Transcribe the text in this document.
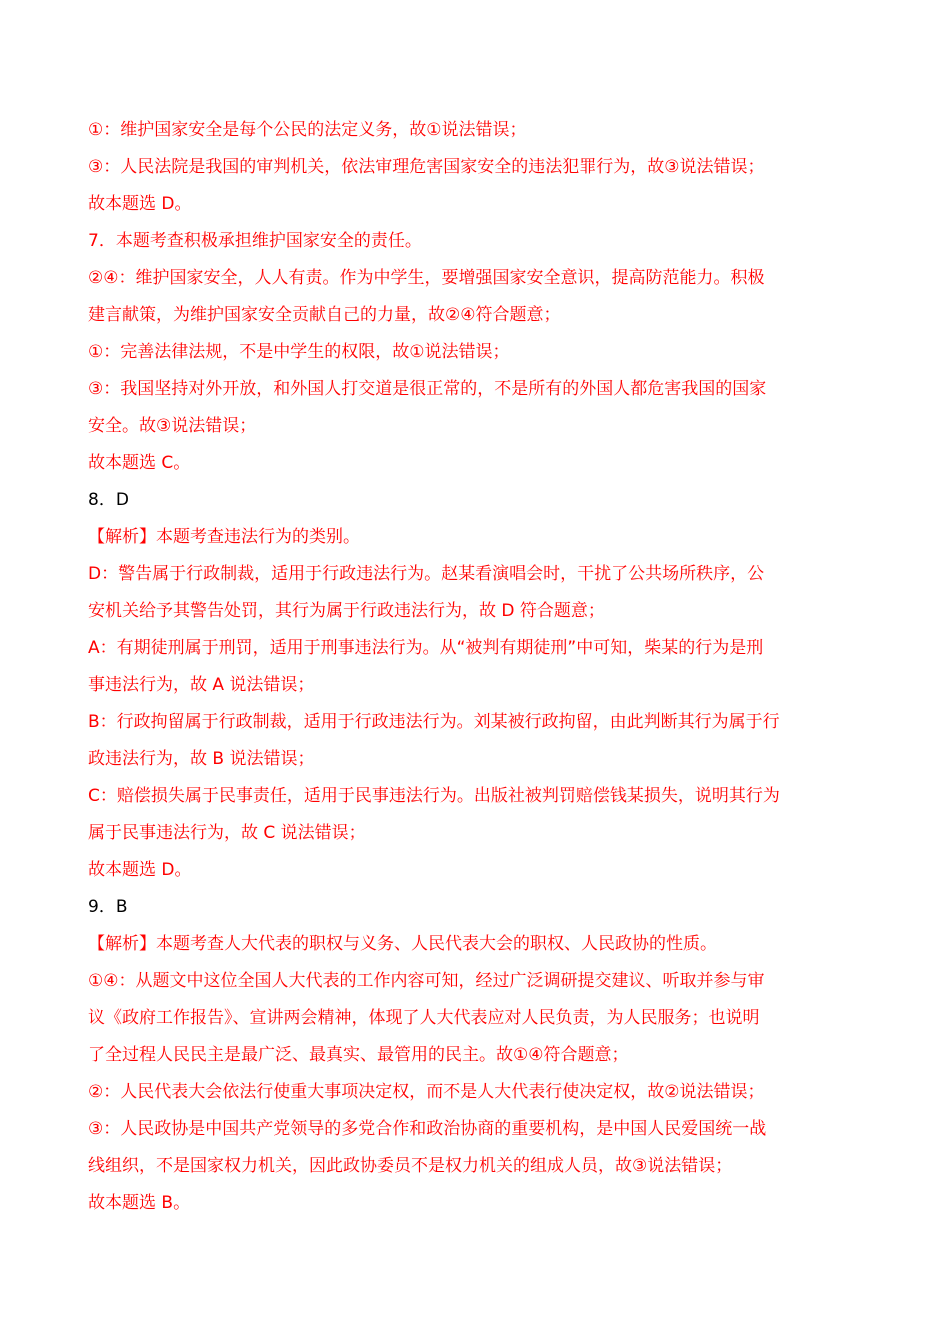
①：维护国家安全是每个公民的法定义务，故①说法错误；
③：人民法院是我国的审判机关，依法审理危害国家安全的违法犯罪行为，故③说法错误；
故本题选 D。
7．本题考查积极承担维护国家安全的责任。
②④：维护国家安全，人人有责。作为中学生，要增强国家安全意识，提高防范能力。积极
建言献策，为维护国家安全贡献自己的力量，故②④符合题意；
①：完善法律法规，不是中学生的权限，故①说法错误；
③：我国坚持对外开放，和外国人打交道是很正常的，不是所有的外国人都危害我国的国家
安全。故③说法错误；
故本题选 C。
8．D
【解析】本题考查违法行为的类别。
D：警告属于行政制裁，适用于行政违法行为。赵某看演唱会时，干扰了公共场所秩序，公
安机关给予其警告处罚，其行为属于行政违法行为，故 D 符合题意；
A：有期徒刑属于刑罚，适用于刑事违法行为。从“被判有期徒刑”中可知，柴某的行为是刑
事违法行为，故 A 说法错误；
B：行政拘留属于行政制裁，适用于行政违法行为。刘某被行政拘留，由此判断其行为属于行
政违法行为，故 B 说法错误；
C：赔偿损失属于民事责任，适用于民事违法行为。出版社被判罚赔偿钱某损失，说明其行为
属于民事违法行为，故 C 说法错误；
故本题选 D。
9．B
【解析】本题考查人大代表的职权与义务、人民代表大会的职权、人民政协的性质。
①④：从题文中这位全国人大代表的工作内容可知，经过广泛调研提交建议、听取并参与审
议《政府工作报告》、宣讲两会精神，体现了人大代表应对人民负责，为人民服务；也说明
了全过程人民民主是最广泛、最真实、最管用的民主。故①④符合题意；
②：人民代表大会依法行使重大事项决定权，而不是人大代表行使决定权，故②说法错误；
③：人民政协是中国共产党领导的多党合作和政治协商的重要机构，是中国人民爱国统一战
线组织，不是国家权力机关，因此政协委员不是权力机关的组成人员，故③说法错误；
故本题选 B。
